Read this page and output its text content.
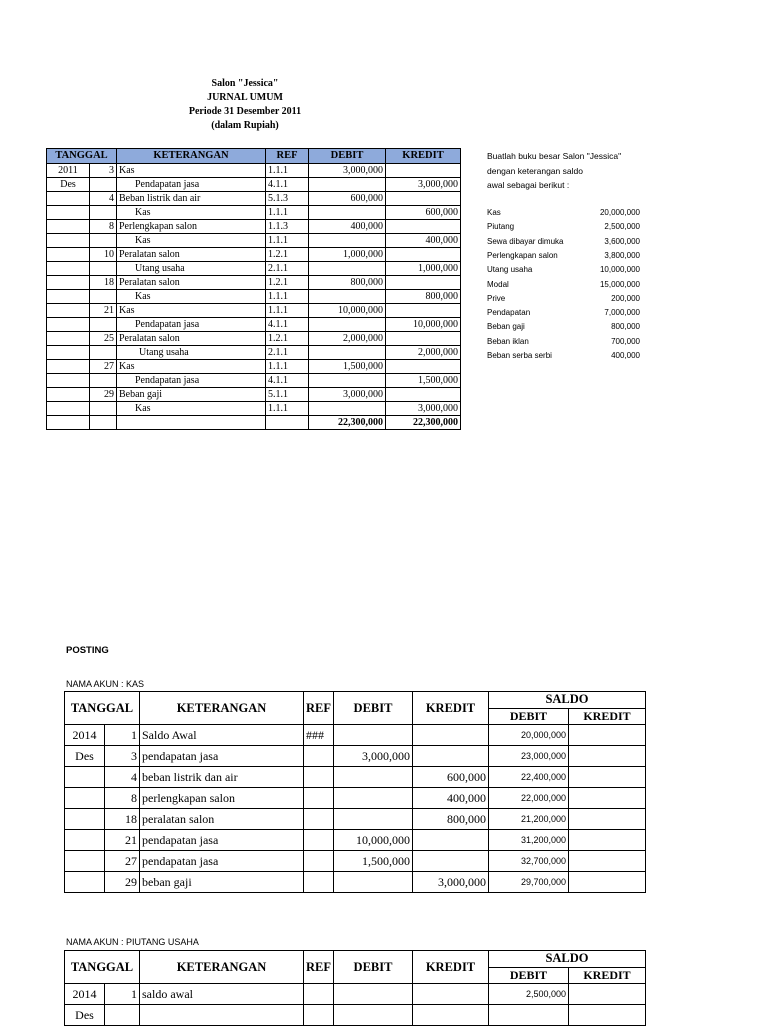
Salon "Jessica"
JURNAL UMUM
Periode 31 Desember 2011
(dalam Rupiah)
TANGGAL		KETERANGAN	REF	DEBIT	KREDIT
2011	3	Kas	1.1.1	3,000,000	
Des		Pendapatan jasa	4.1.1		3,000,000
	4	Beban listrik dan air	5.1.3	600,000	
		Kas	1.1.1		600,000
	8	Perlengkapan salon	1.1.3	400,000	
		Kas	1.1.1		400,000
	10	Peralatan salon	1.2.1	1,000,000	
		Utang usaha	2.1.1		1,000,000
	18	Peralatan salon	1.2.1	800,000	
		Kas	1.1.1		800,000
	21	Kas	1.1.1	10,000,000	
		Pendapatan jasa	4.1.1		10,000,000
	25	Peralatan salon	1.2.1	2,000,000	
		Utang usaha	2.1.1		2,000,000
	27	Kas	1.1.1	1,500,000	
		Pendapatan jasa	4.1.1		1,500,000
	29	Beban gaji	5.1.1	3,000,000	
		Kas	1.1.1		3,000,000
				22,300,000	22,300,000
Buatlah buku besar Salon "Jessica"
dengan keterangan saldo
awal sebagai berikut :
Kas	20,000,000
Piutang	2,500,000
Sewa dibayar dimuka	3,600,000
Perlengkapan salon	3,800,000
Utang usaha	10,000,000
Modal	15,000,000
Prive	200,000
Pendapatan	7,000,000
Beban gaji	800,000
Beban iklan	700,000
Beban serba serbi	400,000
POSTING
NAMA AKUN : KAS
TANGGAL		KETERANGAN	REF	DEBIT	KREDIT	SALDO	
						DEBIT	KREDIT
2014	1	Saldo Awal	###			20,000,000	
Des	3	pendapatan jasa		3,000,000		23,000,000	
	4	beban listrik dan air			600,000	22,400,000	
	8	perlengkapan salon			400,000	22,000,000	
	18	peralatan salon			800,000	21,200,000	
	21	pendapatan jasa		10,000,000		31,200,000	
	27	pendapatan jasa		1,500,000		32,700,000	
	29	beban gaji			3,000,000	29,700,000	
NAMA AKUN : PIUTANG USAHA
TANGGAL		KETERANGAN	REF	DEBIT	KREDIT	SALDO	
						DEBIT	KREDIT
2014	1	saldo awal				2,500,000	
Des							
